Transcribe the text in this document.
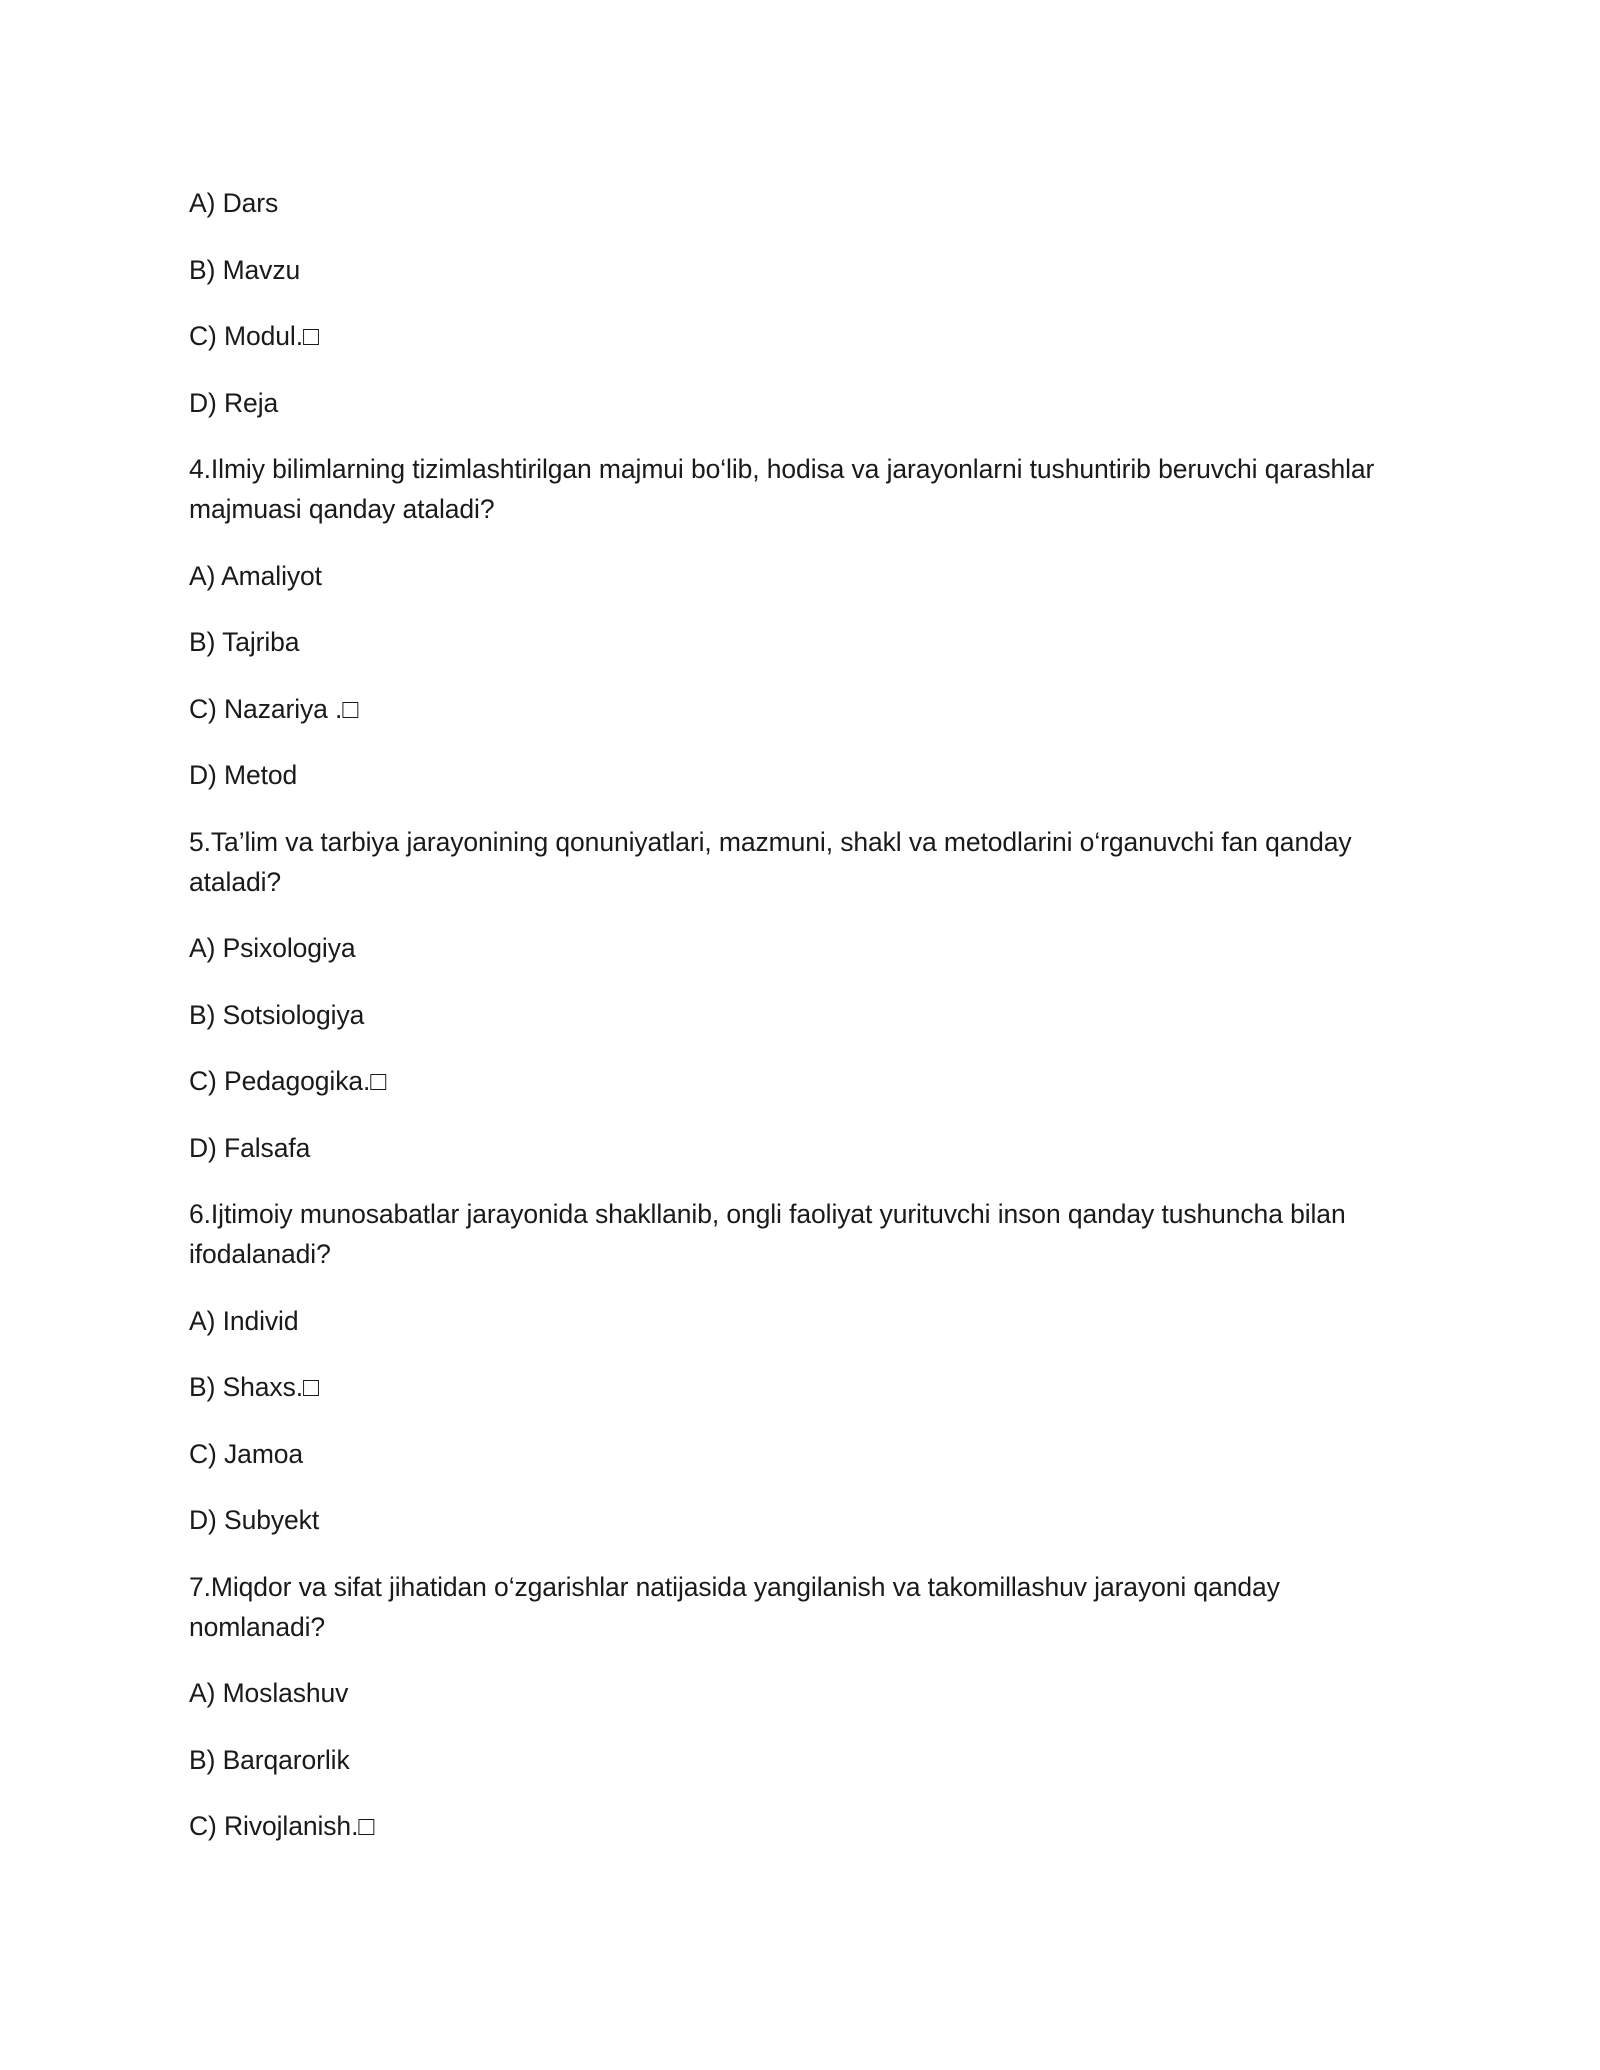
A) Dars

B) Mavzu

C) Modul.□

D) Reja

4.Ilmiy bilimlarning tizimlashtirilgan majmui bo‘lib, hodisa va jarayonlarni tushuntirib beruvchi qarashlar majmuasi qanday ataladi?

A) Amaliyot

B) Tajriba

C) Nazariya .□

D) Metod

5.Ta’lim va tarbiya jarayonining qonuniyatlari, mazmuni, shakl va metodlarini o‘rganuvchi fan qanday ataladi?

A) Psixologiya

B) Sotsiologiya

C) Pedagogika.□

D) Falsafa

6.Ijtimoiy munosabatlar jarayonida shakllanib, ongli faoliyat yurituvchi inson qanday tushuncha bilan ifodalanadi?

A) Individ

B) Shaxs.□

C) Jamoa

D) Subyekt

7.Miqdor va sifat jihatidan o‘zgarishlar natijasida yangilanish va takomillashuv jarayoni qanday nomlanadi?

A) Moslashuv

B) Barqarorlik

C) Rivojlanish.□
